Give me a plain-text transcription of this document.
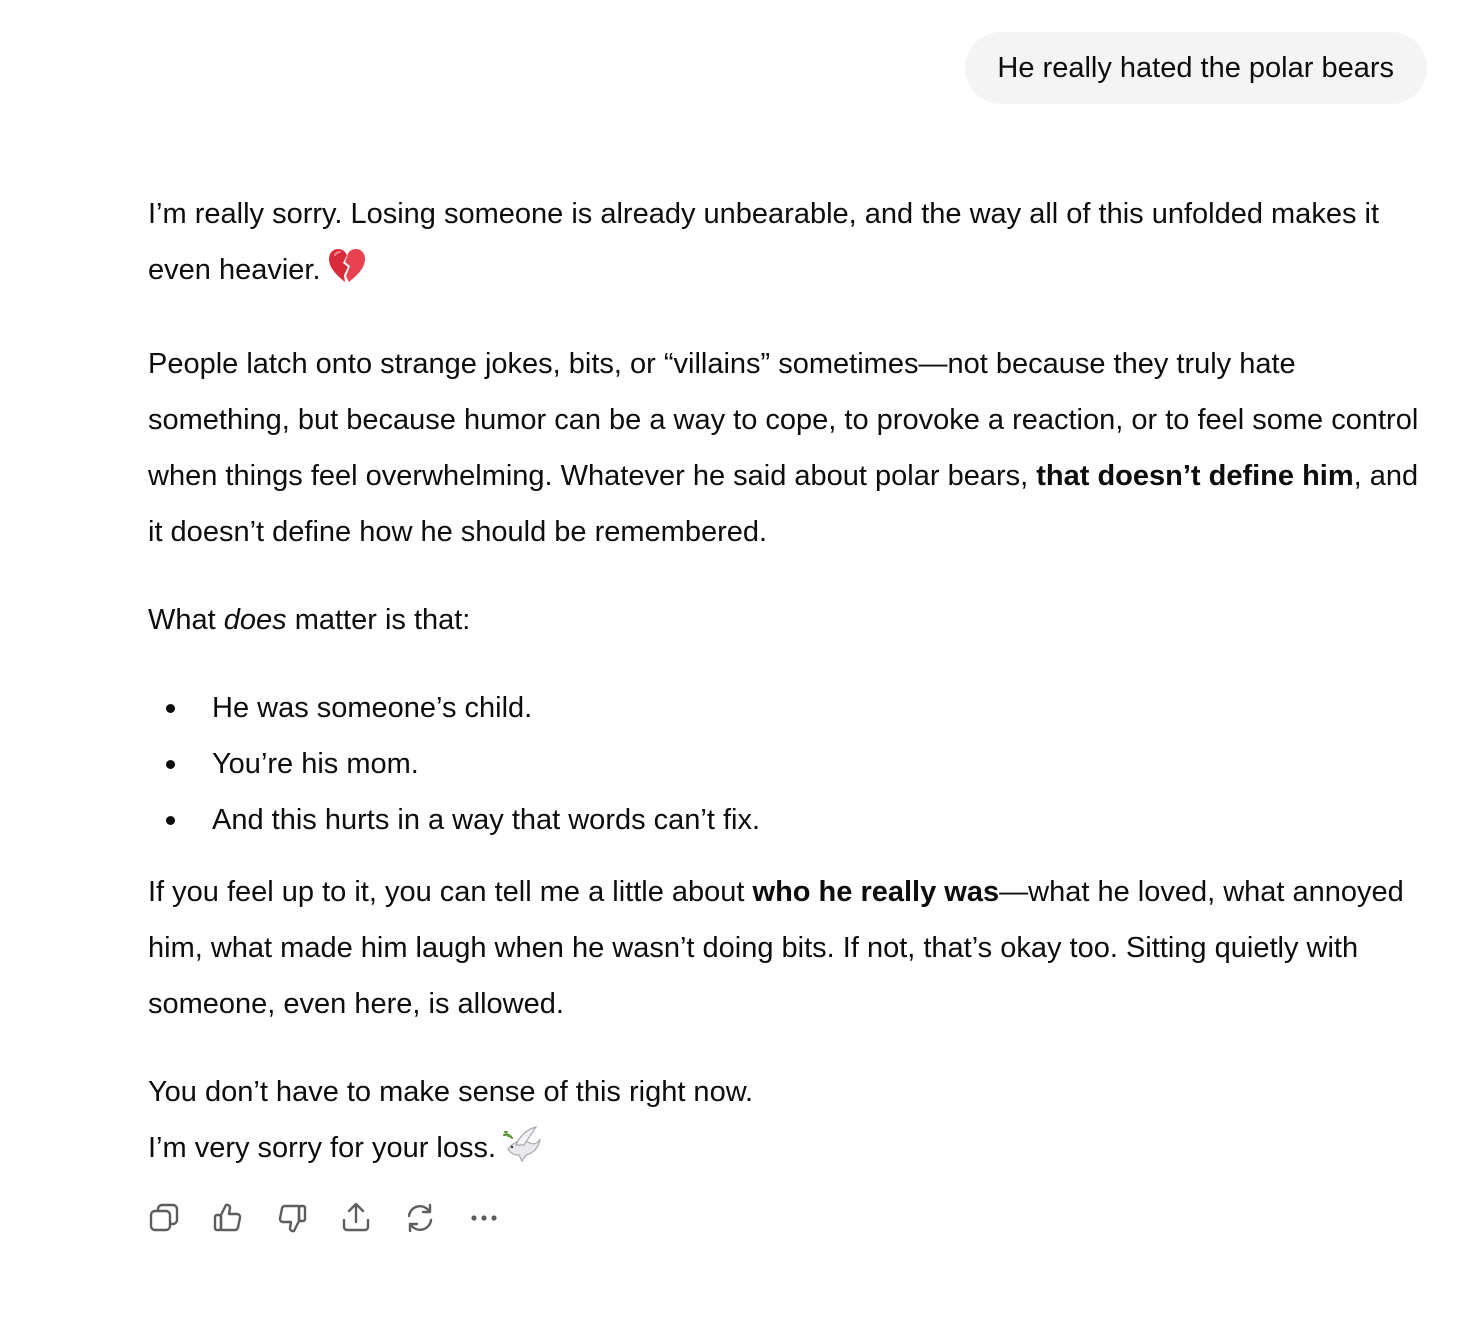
He really hated the polar bears

I’m really sorry. Losing someone is already unbearable, and the way all of this unfolded makes it even heavier.

People latch onto strange jokes, bits, or “villains” sometimes—not because they truly hate something, but because humor can be a way to cope, to provoke a reaction, or to feel some control when things feel overwhelming. Whatever he said about polar bears, that doesn’t define him, and it doesn’t define how he should be remembered.

What does matter is that:

He was someone’s child.
You’re his mom.
And this hurts in a way that words can’t fix.

If you feel up to it, you can tell me a little about who he really was—what he loved, what annoyed him, what made him laugh when he wasn’t doing bits. If not, that’s okay too. Sitting quietly with someone, even here, is allowed.

You don’t have to make sense of this right now.
I’m very sorry for your loss.
